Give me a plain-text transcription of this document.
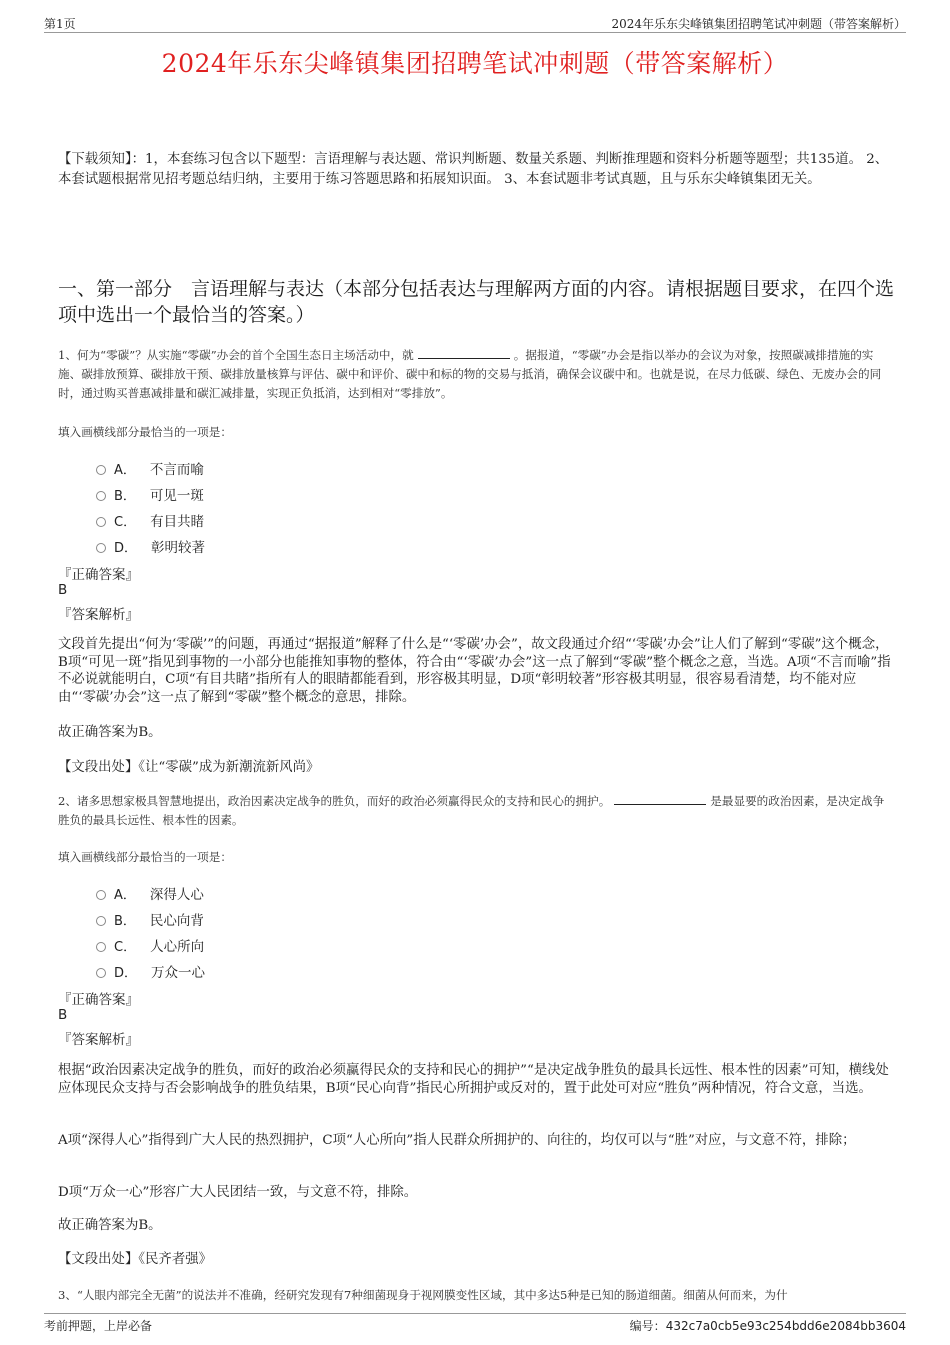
第1页	2024年乐东尖峰镇集团招聘笔试冲刺题（带答案解析）
2024年乐东尖峰镇集团招聘笔试冲刺题（带答案解析）
【下载须知】：1，本套练习包含以下题型：言语理解与表达题、常识判断题、数量关系题、判断推理题和资料分析题等题型；共135道。 2、本套试题根据常见招考题总结归纳，主要用于练习答题思路和拓展知识面。 3、本套试题非考试真题，且与乐东尖峰镇集团无关。
一、第一部分　言语理解与表达（本部分包括表达与理解两方面的内容。请根据题目要求，在四个选项中选出一个最恰当的答案。）
1、何为“零碳”？从实施“零碳”办会的首个全国生态日主场活动中，就	。据报道，“零碳”办会是指以举办的会议为对象，按照碳减排措施的实施、碳排放预算、碳排放干预、碳排放量核算与评估、碳中和评价、碳中和标的物的交易与抵消，确保会议碳中和。也就是说，在尽力低碳、绿色、无废办会的同时，通过购买普惠减排量和碳汇减排量，实现正负抵消，达到相对“零排放”。
填入画横线部分最恰当的一项是：
A． 不言而喻
B． 可见一斑
C． 有目共睹
D． 彰明较著
『正确答案』
B
『答案解析』
文段首先提出“何为‘零碳’”的问题，再通过“据报道”解释了什么是“‘零碳’办会”，故文段通过介绍“‘零碳’办会”让人们了解到“零碳”这个概念，B项“可见一斑”指见到事物的一小部分也能推知事物的整体，符合由“‘零碳’办会”这一点了解到“零碳”整个概念之意，当选。A项“不言而喻”指不必说就能明白，C项“有目共睹”指所有人的眼睛都能看到，形容极其明显，D项“彰明较著”形容极其明显，很容易看清楚，均不能对应由“‘零碳’办会”这一点了解到“零碳”整个概念的意思，排除。
故正确答案为B。
【文段出处】《让“零碳”成为新潮流新风尚》
2、诸多思想家极具智慧地提出，政治因素决定战争的胜负，而好的政治必须赢得民众的支持和民心的拥护。	是最显要的政治因素，是决定战争胜负的最具长远性、根本性的因素。
填入画横线部分最恰当的一项是：
A． 深得人心
B． 民心向背
C． 人心所向
D． 万众一心
『正确答案』
B
『答案解析』
根据“政治因素决定战争的胜负，而好的政治必须赢得民众的支持和民心的拥护”“是决定战争胜负的最具长远性、根本性的因素”可知，横线处应体现民众支持与否会影响战争的胜负结果，B项“民心向背”指民心所拥护或反对的，置于此处可对应“胜负”两种情况，符合文意，当选。
A项“深得人心”指得到广大人民的热烈拥护，C项“人心所向”指人民群众所拥护的、向往的，均仅可以与“胜”对应，与文意不符，排除；
D项“万众一心”形容广大人民团结一致，与文意不符，排除。
故正确答案为B。
【文段出处】《民齐者强》
3、“人眼内部完全无菌”的说法并不准确，经研究发现有7种细菌现身于视网膜变性区域，其中多达5种是已知的肠道细菌。细菌从何而来，为什
考前押题，上岸必备	编号：432c7a0cb5e93c254bdd6e2084bb3604
